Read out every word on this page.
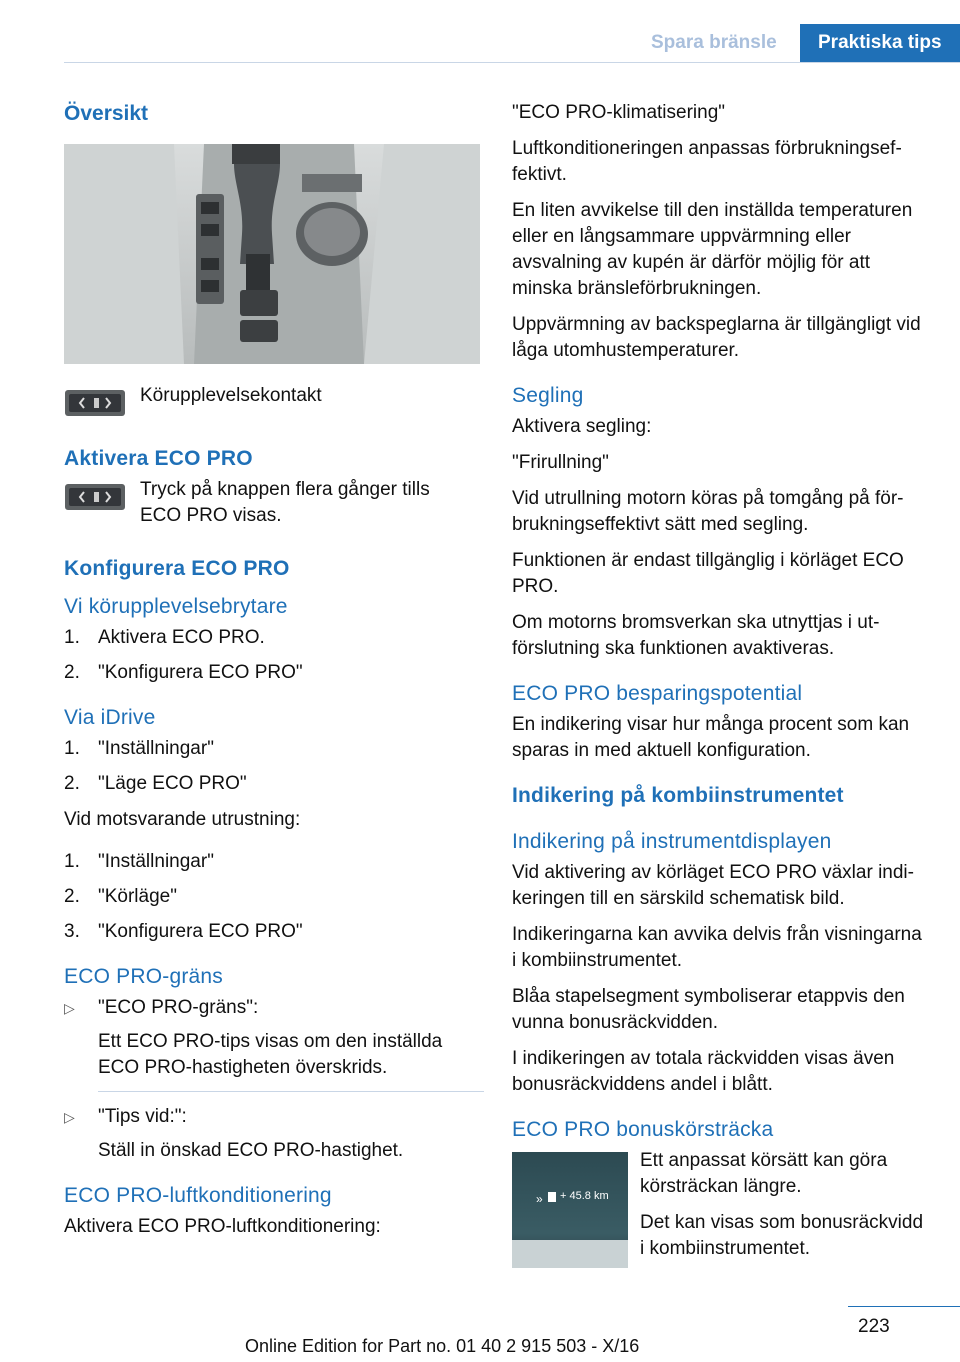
Spara bränsle	Praktiska tips
Översikt

Körupplevelsekontakt

Aktivera ECO PRO

Tryck på knappen flera gånger tills ECO PRO visas.

Konfigurera ECO PRO
Vi körupplevelsebrytare
1. Aktivera ECO PRO.
2. "Konfigurera ECO PRO"
Via iDrive
1. "Inställningar"
2. "Läge ECO PRO"

Vid motsvarande utrustning:

1. "Inställningar"
2. "Körläge"
3. "Konfigurera ECO PRO"
ECO PRO-gräns
▷ "ECO PRO-gräns":
Ett ECO PRO-tips visas om den inställda ECO PRO-hastigheten överskrids.
▷ "Tips vid:":
Ställ in önskad ECO PRO-hastighet.
ECO PRO-luftkonditionering

Aktivera ECO PRO-luftkonditionering:

"ECO PRO-klimatisering"

Luftkonditioneringen anpassas förbrukningseffektivt.

En liten avvikelse till den inställda temperaturen eller en långsammare uppvärmning eller avsvalning av kupén är därför möjlig för att minska bränsleförbrukningen.

Uppvärmning av backspeglarna är tillgängligt vid låga utomhustemperaturer.

Segling

Aktivera segling:

"Frirullning"

Vid utrullning motorn köras på tomgång på förbrukningseffektivt sätt med segling.

Funktionen är endast tillgänglig i körläget ECO PRO.

Om motorns bromsverkan ska utnyttjas i utförslutning ska funktionen avaktiveras.

ECO PRO besparingspotential

En indikering visar hur många procent som kan sparas in med aktuell konfiguration.

Indikering på kombiinstrumentet
Indikering på instrumentdisplayen

Vid aktivering av körläget ECO PRO växlar indikeringen till en särskild schematisk bild.

Indikeringarna kan avvika delvis från visningarna i kombiinstrumentet.

Blåa stapelsegment symboliserar etappvis den vunna bonusräckvidden.

I indikeringen av totala räckvidden visas även bonusräckviddens andel i blått.

ECO PRO bonuskörsträcka
» + 45.8 km

Ett anpassat körsätt kan göra körsträckan längre.

Det kan visas som bonusräckvidd i kombiinstrumentet.

223
Online Edition for Part no. 01 40 2 915 503 - X/16
